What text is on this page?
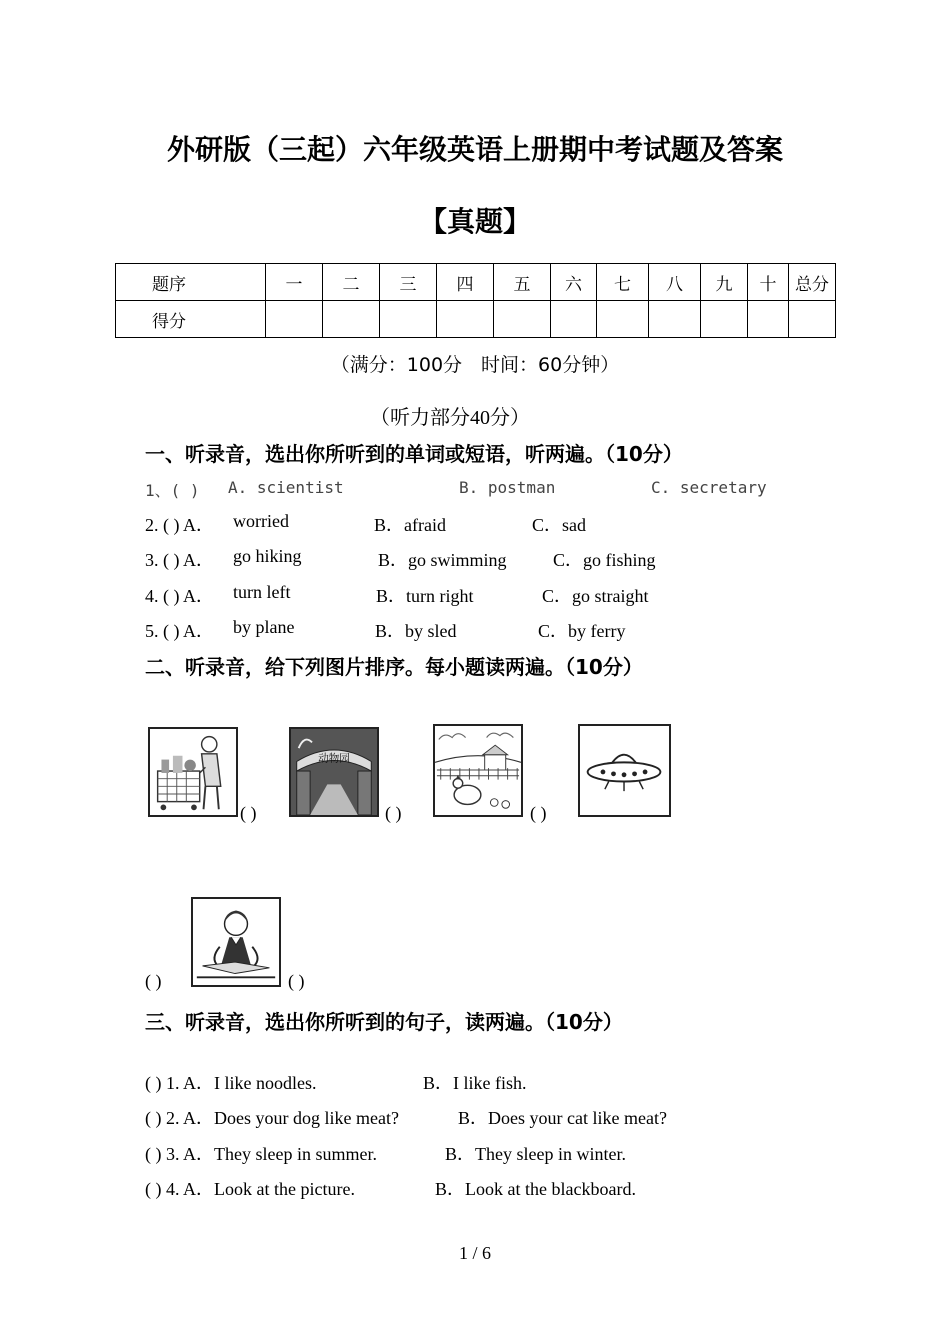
外研版（三起）六年级英语上册期中考试题及答案
【真题】
题序	一	二	三	四	五	六	七	八	九	十	总分
得分											
（满分：100分　时间：60分钟）
（听力部分40分）
一、听录音，选出你所听到的单词或短语，听两遍。（10分）
1、( ) A. scientist	B. postman	C. secretary
2. ( ) A． worried	B．afraid	C．sad
3. ( ) A． go hiking	B．go swimming	C．go fishing
4. ( ) A． turn left	B．turn right	C．go straight
5. ( ) A． by plane	B．by sled	C．by ferry
二、听录音，给下列图片排序。每小题读两遍。（10分）
( )
动物园
( )	( )
( )	( )
三、听录音，选出你所听到的句子，读两遍。（10分）
( ) 1. A．I like noodles.	B．I like fish.
( ) 2. A．Does your dog like meat?	B．Does your cat like meat?
( ) 3. A．They sleep in summer.	B．They sleep in winter.
( ) 4. A．Look at the picture.	B．Look at the blackboard.
1 / 6
